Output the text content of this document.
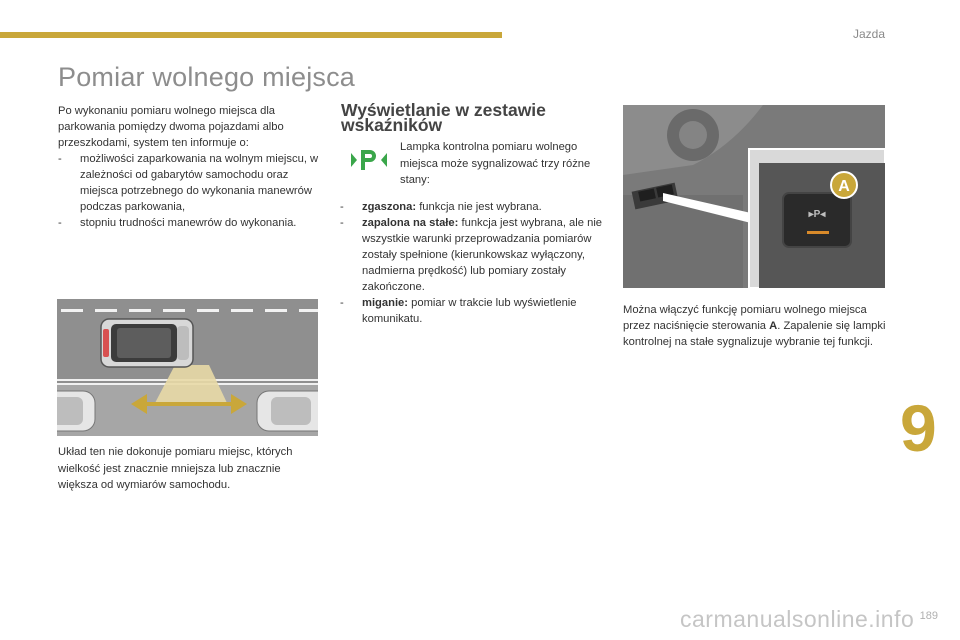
Jazda
Pomiar wolnego miejsca

Po wykonaniu pomiaru wolnego miejsca dla parkowania pomiędzy dwoma pojazdami albo przeszkodami, system ten informuje o:

- możliwości zaparkowania na wolnym miejscu, w zależności od gabarytów samochodu oraz miejsca potrzebnego do wykonania manewrów podczas parkowania,
- stopniu trudności manewrów do wykonania.
Układ ten nie dokonuje pomiaru miejsc, których wielkość jest znacznie mniejsza lub znacznie większa od wymiarów samochodu.
Wyświetlanie w zestawie
wskaźników

Lampka kontrolna pomiaru wolnego miejsca może sygnalizować trzy różne stany:

- zgaszona: funkcja nie jest wybrana.
- zapalona na stałe: funkcja jest wybrana, ale nie wszystkie warunki przeprowadzania pomiarów zostały spełnione (kierunkowskaz wyłączony, nadmierna prędkość) lub pomiary zostały zakończone.
- miganie: pomiar w trakcie lub wyświetlenie komunikatu.
▸P◂
A

Można włączyć funkcję pomiaru wolnego miejsca przez naciśnięcie sterowania A. Zapalenie się lampki kontrolnej na stałe sygnalizuje wybranie tej funkcji.

9
carmanualsonline.info 189
